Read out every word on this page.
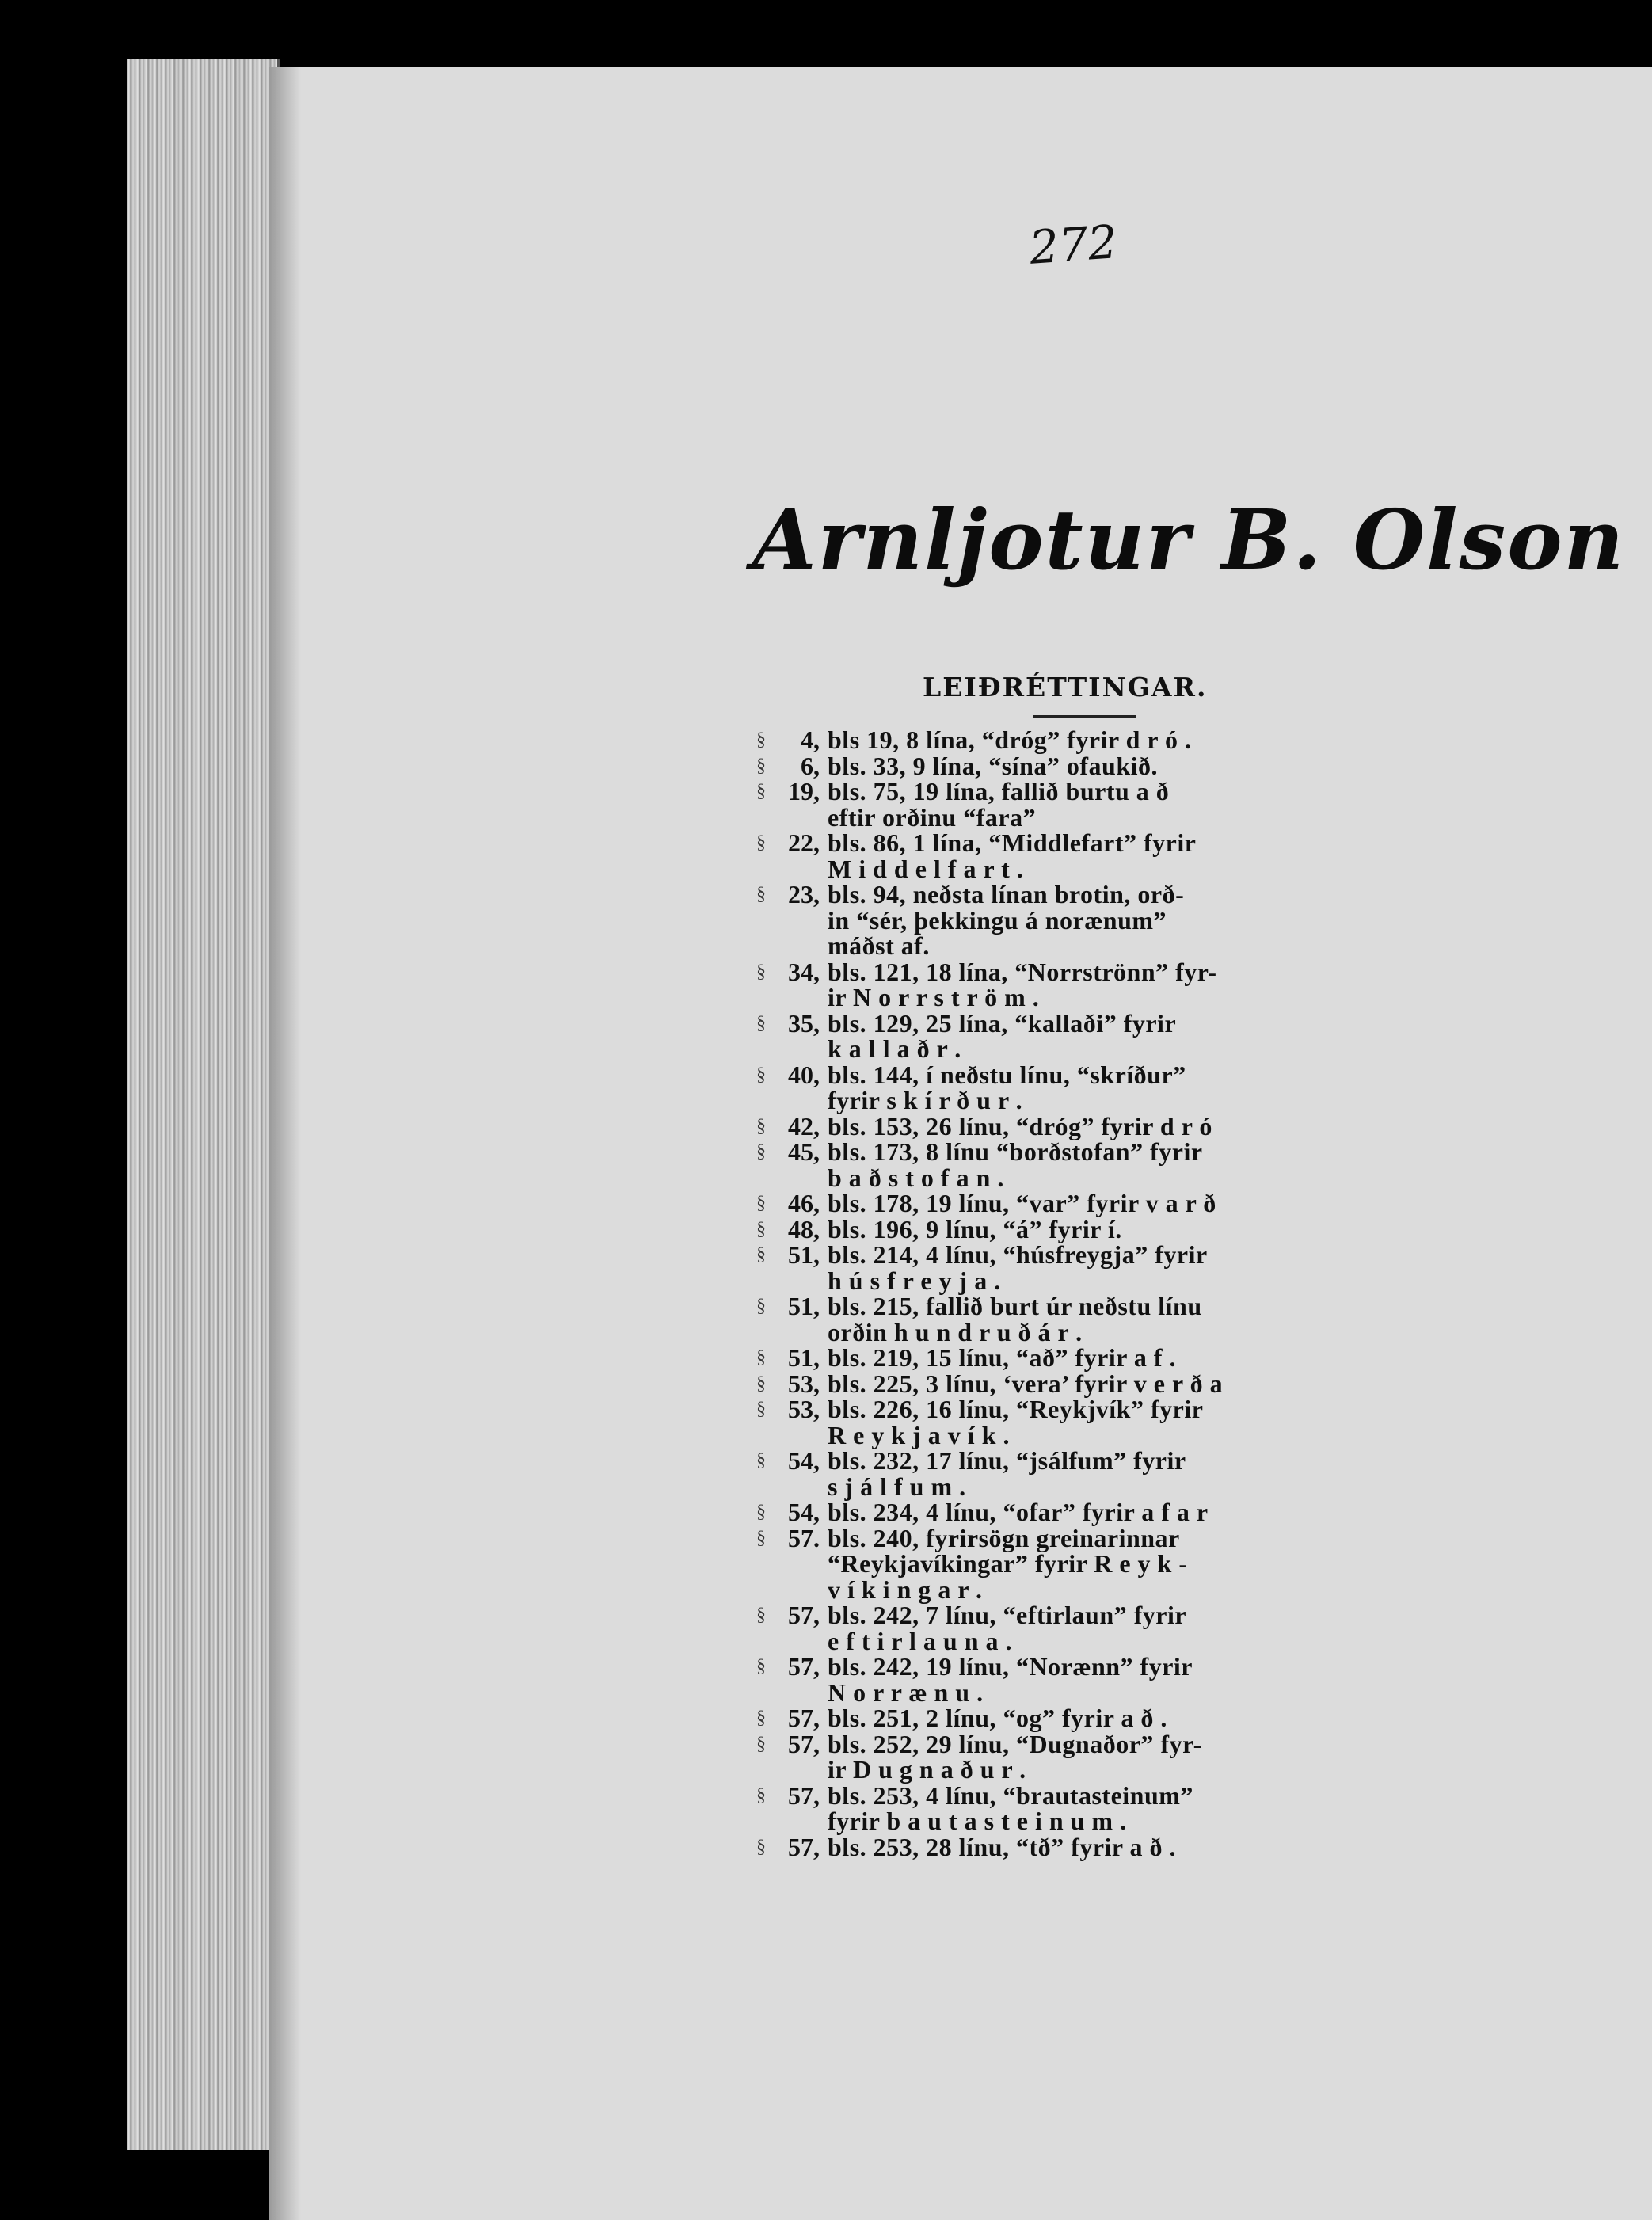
272
Arnljotur B. Olson
LEIÐRÉTTINGAR.
§	4, bls 19, 8 lína, “dróg” fyrir d r ó .
§	6, bls. 33, 9 lína, “sína” ofaukið.
§ 19, bls. 75, 19 lína, fallið burtu a ð
eftir orðinu “fara”
§ 22, bls. 86, 1 lína, “Middlefart” fyrir
M i d d e l f a r t .
§ 23, bls. 94, neðsta línan brotin, orð-
in “sér, þekkingu á norænum”
máðst af.
§ 34, bls. 121, 18 lína, “Norrströnn” fyr-
ir N o r r s t r ö m .
§ 35, bls. 129, 25 lína, “kallaði” fyrir
k a l l a ð r .
§ 40, bls. 144, í neðstu línu, “skríður”
fyrir s k í r ð u r .
§ 42, bls. 153, 26 línu, “dróg” fyrir d r ó
§ 45, bls. 173, 8 línu “borðstofan” fyrir
b a ð s t o f a n .
§ 46, bls. 178, 19 línu, “var” fyrir v a r ð
§ 48, bls. 196, 9 línu, “á” fyrir í.
§ 51, bls. 214, 4 línu, “húsfreygja” fyrir
h ú s f r e y j a .
§ 51, bls. 215, fallið burt úr neðstu línu
orðin h u n d r u ð á r .
§ 51, bls. 219, 15 línu, “að” fyrir a f .
§ 53, bls. 225, 3 línu, ‘vera’ fyrir v e r ð a
§ 53, bls. 226, 16 línu, “Reykjvík” fyrir
R e y k j a v í k .
§ 54, bls. 232, 17 línu, “jsálfum” fyrir
s j á l f u m .
§ 54, bls. 234, 4 línu, “ofar” fyrir a f a r
§ 57. bls. 240, fyrirsögn greinarinnar
“Reykjavíkingar” fyrir R e y k -
v í k i n g a r .
§ 57, bls. 242, 7 línu, “eftirlaun” fyrir
e f t i r l a u n a .
§ 57, bls. 242, 19 línu, “Norænn” fyrir
N o r r æ n u .
§ 57, bls. 251, 2 línu, “og” fyrir a ð .
§ 57, bls. 252, 29 línu, “Dugnaðor” fyr-
ir D u g n a ð u r .
§ 57, bls. 253, 4 línu, “brautasteinum”
fyrir b a u t a s t e i n u m .
§ 57, bls. 253, 28 línu, “tð” fyrir a ð .
